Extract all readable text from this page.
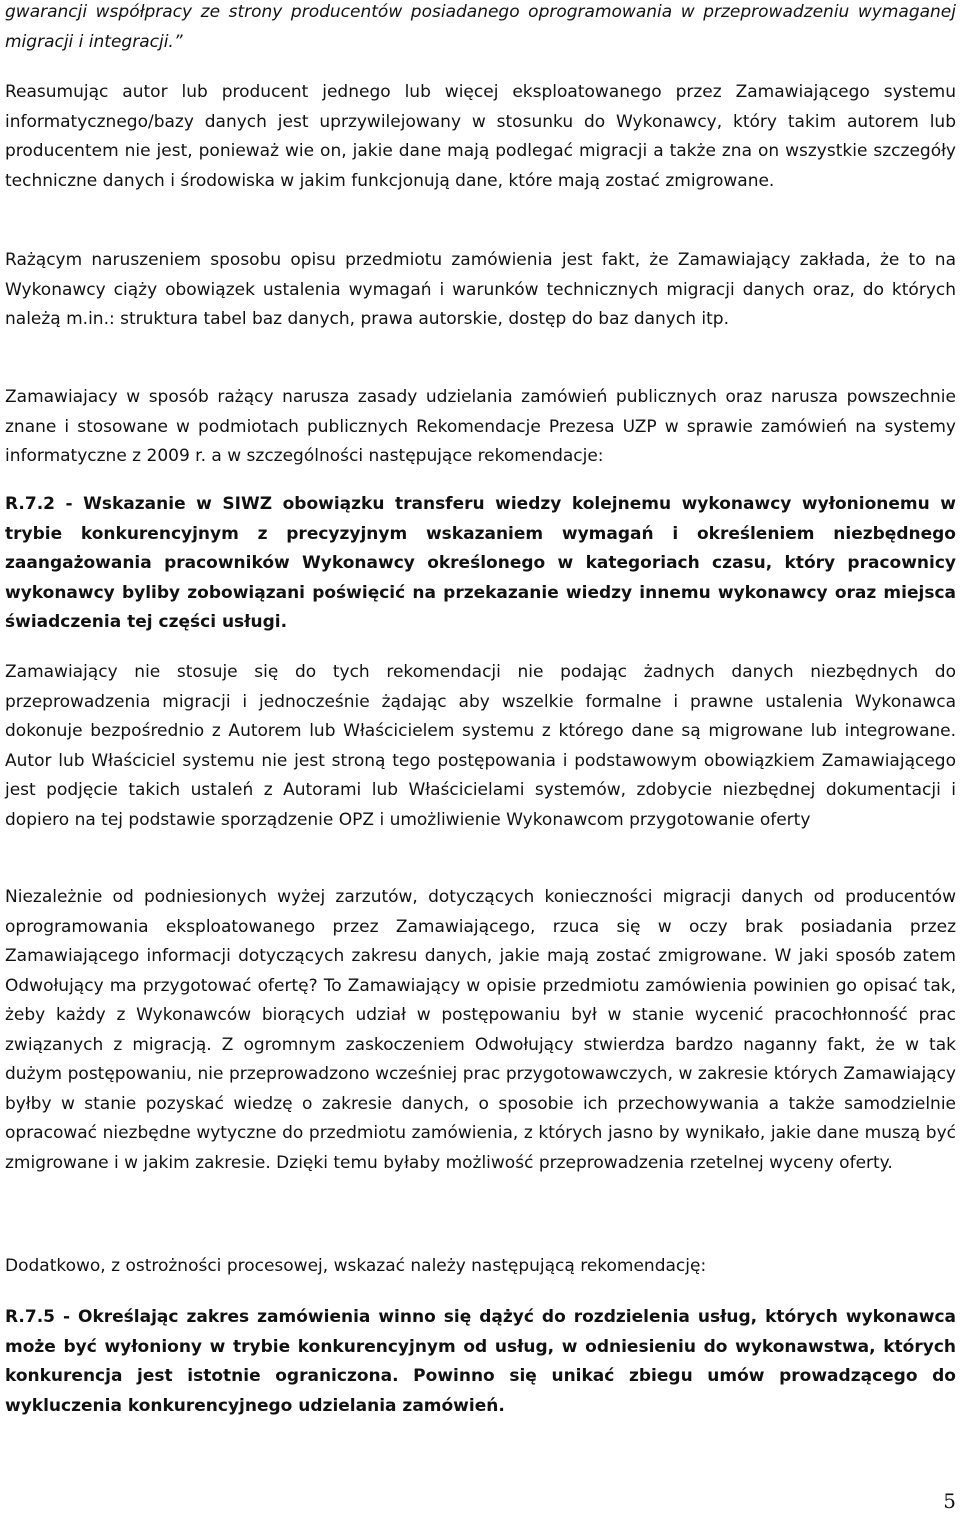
gwarancji współpracy ze strony producentów posiadanego oprogramowania w przeprowadzeniu wymaganej migracji i integracji.”

Reasumując autor lub producent jednego lub więcej eksploatowanego przez Zamawiającego systemu informatycznego/bazy danych jest uprzywilejowany w stosunku do Wykonawcy, który takim autorem lub producentem nie jest, ponieważ wie on, jakie dane mają podlegać migracji a także zna on wszystkie szczegóły techniczne danych i środowiska w jakim funkcjonują dane, które mają zostać zmigrowane.

Rażącym naruszeniem sposobu opisu przedmiotu zamówienia jest fakt, że Zamawiający zakłada, że to na Wykonawcy ciąży obowiązek ustalenia wymagań i warunków technicznych migracji danych oraz, do których należą m.in.: struktura tabel baz danych, prawa autorskie, dostęp do baz danych itp.

Zamawiajacy w sposób rażący narusza zasady udzielania zamówień publicznych oraz narusza powszechnie znane i stosowane w podmiotach publicznych Rekomendacje Prezesa UZP w sprawie zamówień na systemy informatyczne z 2009 r. a w szczególności następujące rekomendacje:

R.7.2 - Wskazanie w SIWZ obowiązku transferu wiedzy kolejnemu wykonawcy wyłonionemu w trybie konkurencyjnym z precyzyjnym wskazaniem wymagań i określeniem niezbędnego zaangażowania pracowników Wykonawcy określonego w kategoriach czasu, który pracownicy wykonawcy byliby zobowiązani poświęcić na przekazanie wiedzy innemu wykonawcy oraz miejsca świadczenia tej części usługi.

Zamawiający nie stosuje się do tych rekomendacji nie podając żadnych danych niezbędnych do przeprowadzenia migracji i jednocześnie żądając aby wszelkie formalne i prawne ustalenia Wykonawca dokonuje bezpośrednio z Autorem lub Właścicielem systemu z którego dane są migrowane lub integrowane. Autor lub Właściciel systemu nie jest stroną tego postępowania i podstawowym obowiązkiem Zamawiającego jest podjęcie takich ustaleń z Autorami lub Właścicielami systemów, zdobycie niezbędnej dokumentacji i dopiero na tej podstawie sporządzenie OPZ i umożliwienie Wykonawcom przygotowanie oferty

Niezależnie od podniesionych wyżej zarzutów, dotyczących konieczności migracji danych od producentów oprogramowania eksploatowanego przez Zamawiającego, rzuca się w oczy brak posiadania przez Zamawiającego informacji dotyczących zakresu danych, jakie mają zostać zmigrowane. W jaki sposób zatem Odwołujący ma przygotować ofertę? To Zamawiający w opisie przedmiotu zamówienia powinien go opisać tak, żeby każdy z Wykonawców biorących udział w postępowaniu był w stanie wycenić pracochłonność prac związanych z migracją. Z ogromnym zaskoczeniem Odwołujący stwierdza bardzo naganny fakt, że w tak dużym postępowaniu, nie przeprowadzono wcześniej prac przygotowawczych, w zakresie których Zamawiający byłby w stanie pozyskać wiedzę o zakresie danych, o sposobie ich przechowywania a także samodzielnie opracować niezbędne wytyczne do przedmiotu zamówienia, z których jasno by wynikało, jakie dane muszą być zmigrowane i w jakim zakresie. Dzięki temu byłaby możliwość przeprowadzenia rzetelnej wyceny oferty.

Dodatkowo, z ostrożności procesowej, wskazać należy następującą rekomendację:

R.7.5 - Określając zakres zamówienia winno się dążyć do rozdzielenia usług, których wykonawca może być wyłoniony w trybie konkurencyjnym od usług, w odniesieniu do wykonawstwa, których konkurencja jest istotnie ograniczona. Powinno się unikać zbiegu umów prowadzącego do wykluczenia konkurencyjnego udzielania zamówień.

5
